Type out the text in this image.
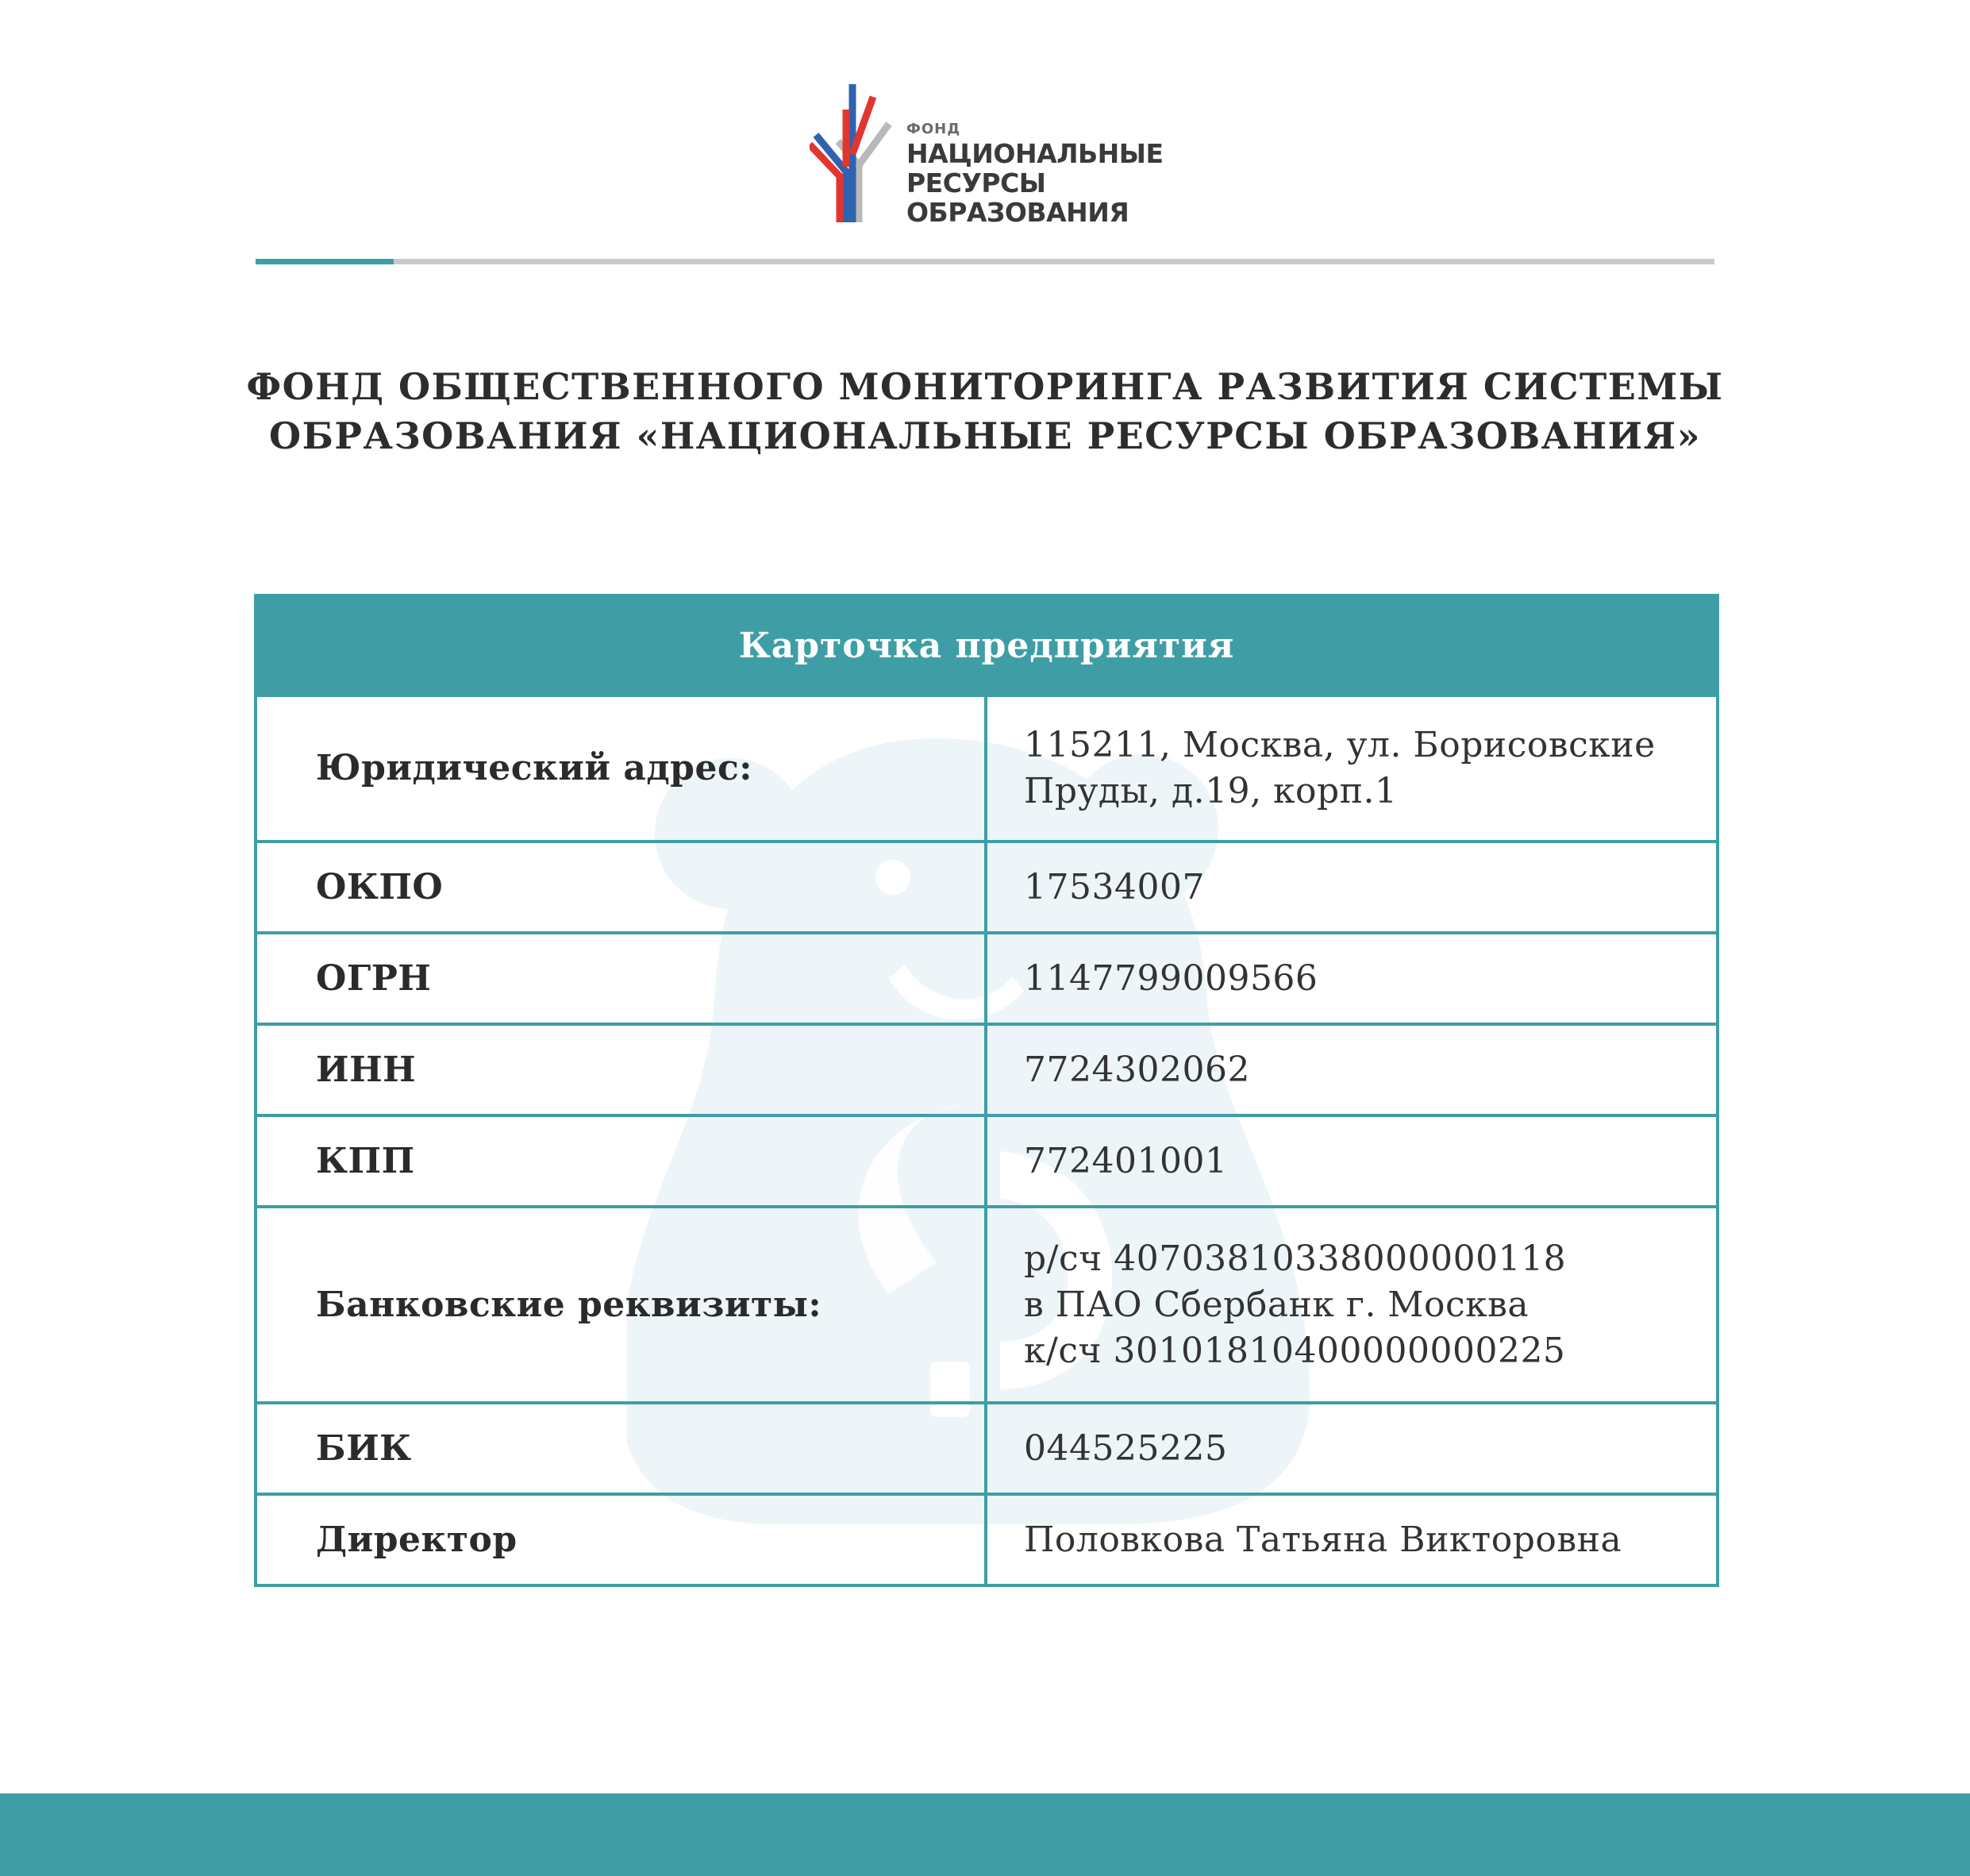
ФОНД
НАЦИОНАЛЬНЫЕ
РЕСУРСЫ
ОБРАЗОВАНИЯ
ФОНД ОБЩЕСТВЕННОГО МОНИТОРИНГА РАЗВИТИЯ СИСТЕМЫ
ОБРАЗОВАНИЯ «НАЦИОНАЛЬНЫЕ РЕСУРСЫ ОБРАЗОВАНИЯ»
Карточка предприятия	
Юридический адрес:	115211, Москва, ул. Борисовские
Пруды, д.19, корп.1

ОКПО	17534007
ОГРН	1147799009566
ИНН	7724302062
КПП	772401001
Банковские реквизиты:	р/сч 40703810338000000118
в ПАО Сбербанк г. Москва
к/сч 30101810400000000225

БИК	044525225
Директор	Половкова Татьяна Викторовна
